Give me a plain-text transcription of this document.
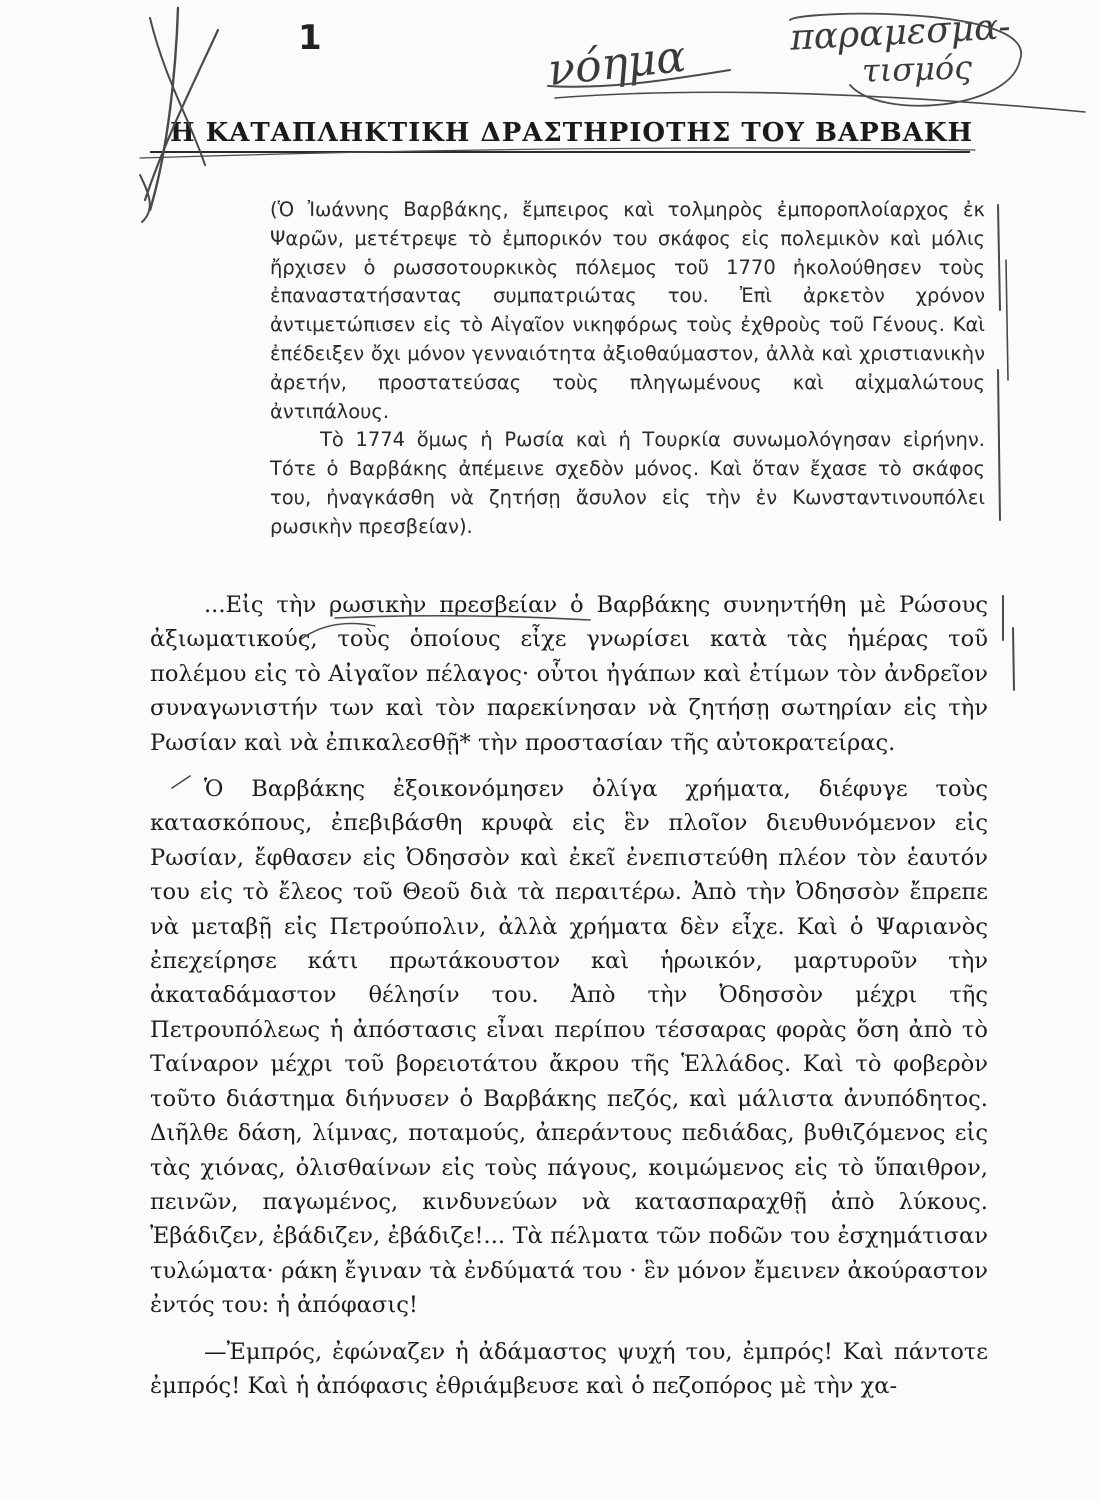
1	νόημα	παραμεσμα-
τισμός
Η ΚΑΤΑΠΛΗΚΤΙΚΗ ΔΡΑΣΤΗΡΙΟΤΗΣ ΤΟΥ ΒΑΡΒΑΚΗ

(Ὁ Ἰωάννης Βαρβάκης, ἔμπειρος καὶ τολμηρὸς ἐμποροπλοίαρχος ἐκ Ψαρῶν, μετέτρεψε τὸ ἐμπορικόν του σκάφος εἰς πολεμικὸν καὶ μόλις ἤρχισεν ὁ ρωσσοτουρκικὸς πόλεμος τοῦ 1770 ἠκολούθησεν τοὺς ἐπαναστατήσαντας συμπατριώτας του. Ἐπὶ ἀρκετὸν χρόνον ἀντιμετώπισεν εἰς τὸ Αἰγαῖον νικηφόρως τοὺς ἐχθροὺς τοῦ Γένους. Καὶ ἐπέδειξεν ὄχι μόνον γενναιότητα ἀξιοθαύμαστον, ἀλλὰ καὶ χριστιανικὴν ἀρετήν, προστατεύσας τοὺς πληγωμένους καὶ αἰχμαλώτους ἀντιπάλους.

Τὸ 1774 ὅμως ἡ Ρωσία καὶ ἡ Τουρκία συνωμολόγησαν εἰρήνην. Τότε ὁ Βαρβάκης ἀπέμεινε σχεδὸν μόνος. Καὶ ὅταν ἔχασε τὸ σκάφος του, ἠναγκάσθη νὰ ζητήσῃ ἄσυλον εἰς τὴν ἐν Κωνσταντινουπόλει ρωσικὴν πρεσβείαν).

...Εἰς τὴν ρωσικὴν πρεσβείαν ὁ Βαρβάκης συνηντήθη μὲ Ρώσους ἀξιωματικούς, τοὺς ὁποίους εἶχε γνωρίσει κατὰ τὰς ἡμέρας τοῦ πολέμου εἰς τὸ Αἰγαῖον πέλαγος· οὗτοι ἠγάπων καὶ ἐτίμων τὸν ἀνδρεῖον συναγωνιστήν των καὶ τὸν παρεκίνησαν νὰ ζητήσῃ σωτηρίαν εἰς τὴν Ρωσίαν καὶ νὰ ἐπικαλεσθῇ* τὴν προστασίαν τῆς αὐτοκρατείρας.

Ὁ Βαρβάκης ἐξοικονόμησεν ὀλίγα χρήματα, διέφυγε τοὺς κατασκόπους, ἐπεβιβάσθη κρυφὰ εἰς ἓν πλοῖον διευθυνόμενον εἰς Ρωσίαν, ἔφθασεν εἰς Ὀδησσὸν καὶ ἐκεῖ ἐνεπιστεύθη πλέον τὸν ἑαυτόν του εἰς τὸ ἔλεος τοῦ Θεοῦ διὰ τὰ περαιτέρω. Ἀπὸ τὴν Ὀδησσὸν ἔπρεπε νὰ μεταβῇ εἰς Πετρούπολιν, ἀλλὰ χρήματα δὲν εἶχε. Καὶ ὁ Ψαριανὸς ἐπεχείρησε κάτι πρωτάκουστον καὶ ἡρωικόν, μαρτυροῦν τὴν ἀκαταδάμαστον θέλησίν του. Ἀπὸ τὴν Ὀδησσὸν μέχρι τῆς Πετρουπόλεως ἡ ἀπόστασις εἶναι περίπου τέσσαρας φορὰς ὅση ἀπὸ τὸ Ταίναρον μέχρι τοῦ βορειοτάτου ἄκρου τῆς Ἑλλάδος. Καὶ τὸ φοβερὸν τοῦτο διάστημα διήνυσεν ὁ Βαρβάκης πεζός, καὶ μάλιστα ἀνυπόδητος. Διῆλθε δάση, λίμνας, ποταμούς, ἀπεράντους πεδιάδας, βυθιζόμενος εἰς τὰς χιόνας, ὀλισθαίνων εἰς τοὺς πάγους, κοιμώμενος εἰς τὸ ὕπαιθρον, πεινῶν, παγωμένος, κινδυνεύων νὰ κατασπαραχθῇ ἀπὸ λύκους. Ἐβάδιζεν, ἐβάδιζεν, ἐβάδιζε!... Τὰ πέλματα τῶν ποδῶν του ἐσχημάτισαν τυλώματα· ράκη ἔγιναν τὰ ἐνδύματά του · ἓν μόνον ἔμεινεν ἀκούραστον ἐντός του: ἡ ἀπόφασις!

—Ἐμπρός, ἐφώναζεν ἡ ἀδάμαστος ψυχή του, ἐμπρός! Καὶ πάντοτε ἐμπρός! Καὶ ἡ ἀπόφασις ἐθριάμβευσε καὶ ὁ πεζοπόρος μὲ τὴν χα-
